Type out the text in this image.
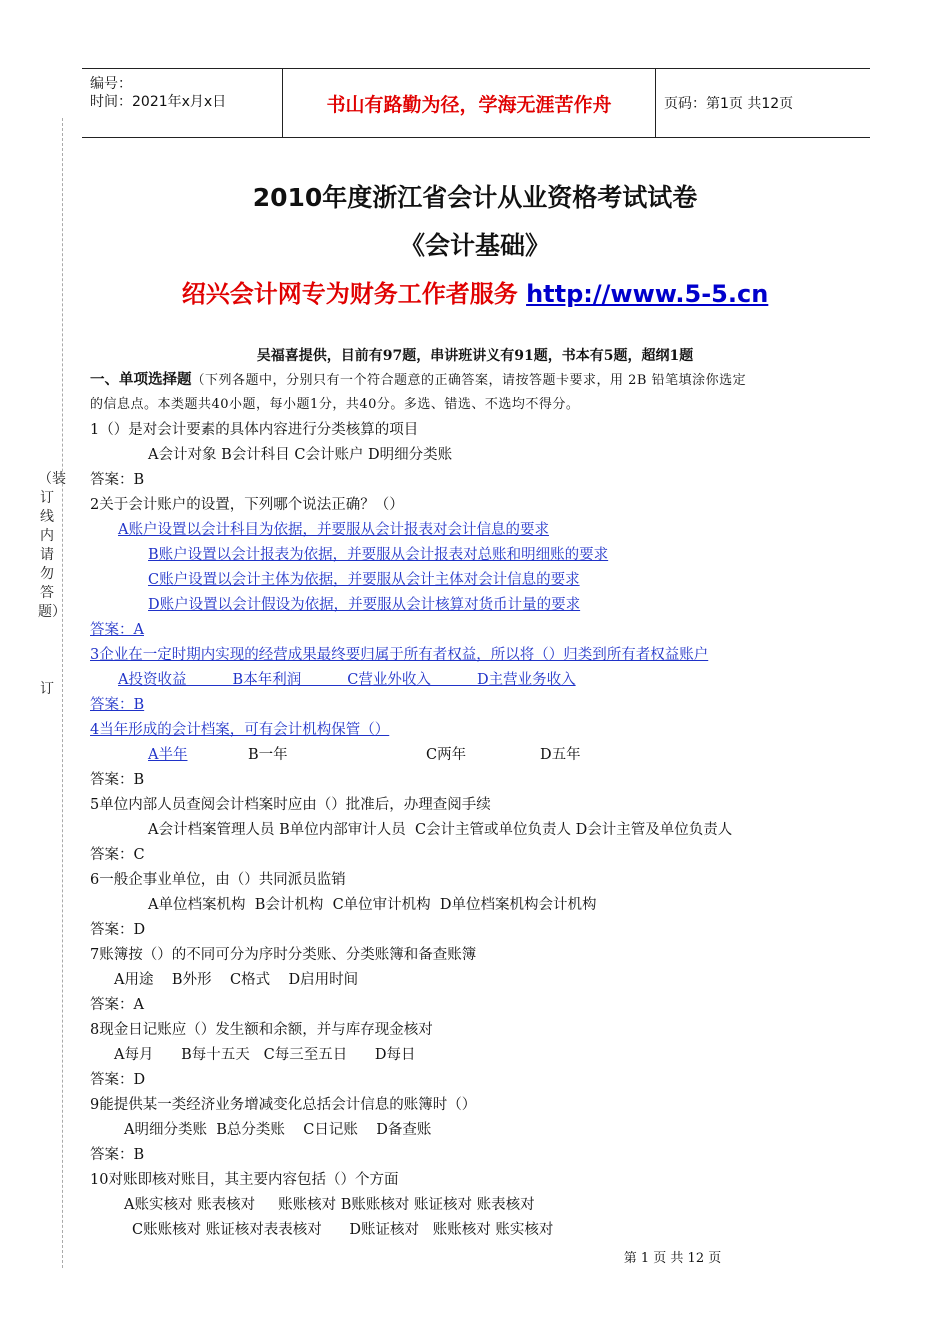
编号：
时间：2021年x月x日	书山有路勤为径，学海无涯苦作舟	页码：第1页 共12页
（装订线内请勿答题）
订
2010年度浙江省会计从业资格考试试卷
《会计基础》
绍兴会计网专为财务工作者服务 http://www.5-5.cn
吴福喜提供，目前有97题，串讲班讲义有91题，书本有5题，超纲1题
一、单项选择题（下列各题中，分别只有一个符合题意的正确答案，请按答题卡要求，用 2B 铅笔填涂你选定
的信息点。本类题共40小题，每小题1分，共40分。多选、错选、不选均不得分。
1（）是对会计要素的具体内容进行分类核算的项目
A会计对象 B会计科目 C会计账户 D明细分类账
答案：B
2关于会计账户的设置，下列哪个说法正确？（）
A账户设置以会计科目为依据，并要服从会计报表对会计信息的要求
B账户设置以会计报表为依据，并要服从会计报表对总账和明细账的要求
C账户设置以会计主体为依据，并要服从会计主体对会计信息的要求
D账户设置以会计假设为依据，并要服从会计核算对货币计量的要求
答案：A
3企业在一定时期内实现的经营成果最终要归属于所有者权益，所以将（）归类到所有者权益账户
A投资收益          B本年利润          C营业外收入          D主营业务收入
答案：B
4当年形成的会计档案，可有会计机构保管（）
A半年	B一年	C两年	D五年
答案：B
5单位内部人员查阅会计档案时应由（）批准后，办理查阅手续
A会计档案管理人员 B单位内部审计人员  C会计主管或单位负责人 D会计主管及单位负责人
答案：C
6一般企事业单位，由（）共同派员监销
A单位档案机构  B会计机构  C单位审计机构  D单位档案机构会计机构
答案：D
7账簿按（）的不同可分为序时分类账、分类账簿和备查账簿
A用途    B外形    C格式    D启用时间
答案：A
8现金日记账应（）发生额和余额，并与库存现金核对
A每月      B每十五天   C每三至五日      D每日
答案：D
9能提供某一类经济业务增减变化总括会计信息的账簿时（）
A明细分类账  B总分类账    C日记账    D备查账
答案：B
10对账即核对账目，其主要内容包括（）个方面
A账实核对 账表核对     账账核对 B账账核对 账证核对 账表核对
C账账核对 账证核对表表核对      D账证核对   账账核对 账实核对
第 1 页 共 12 页
